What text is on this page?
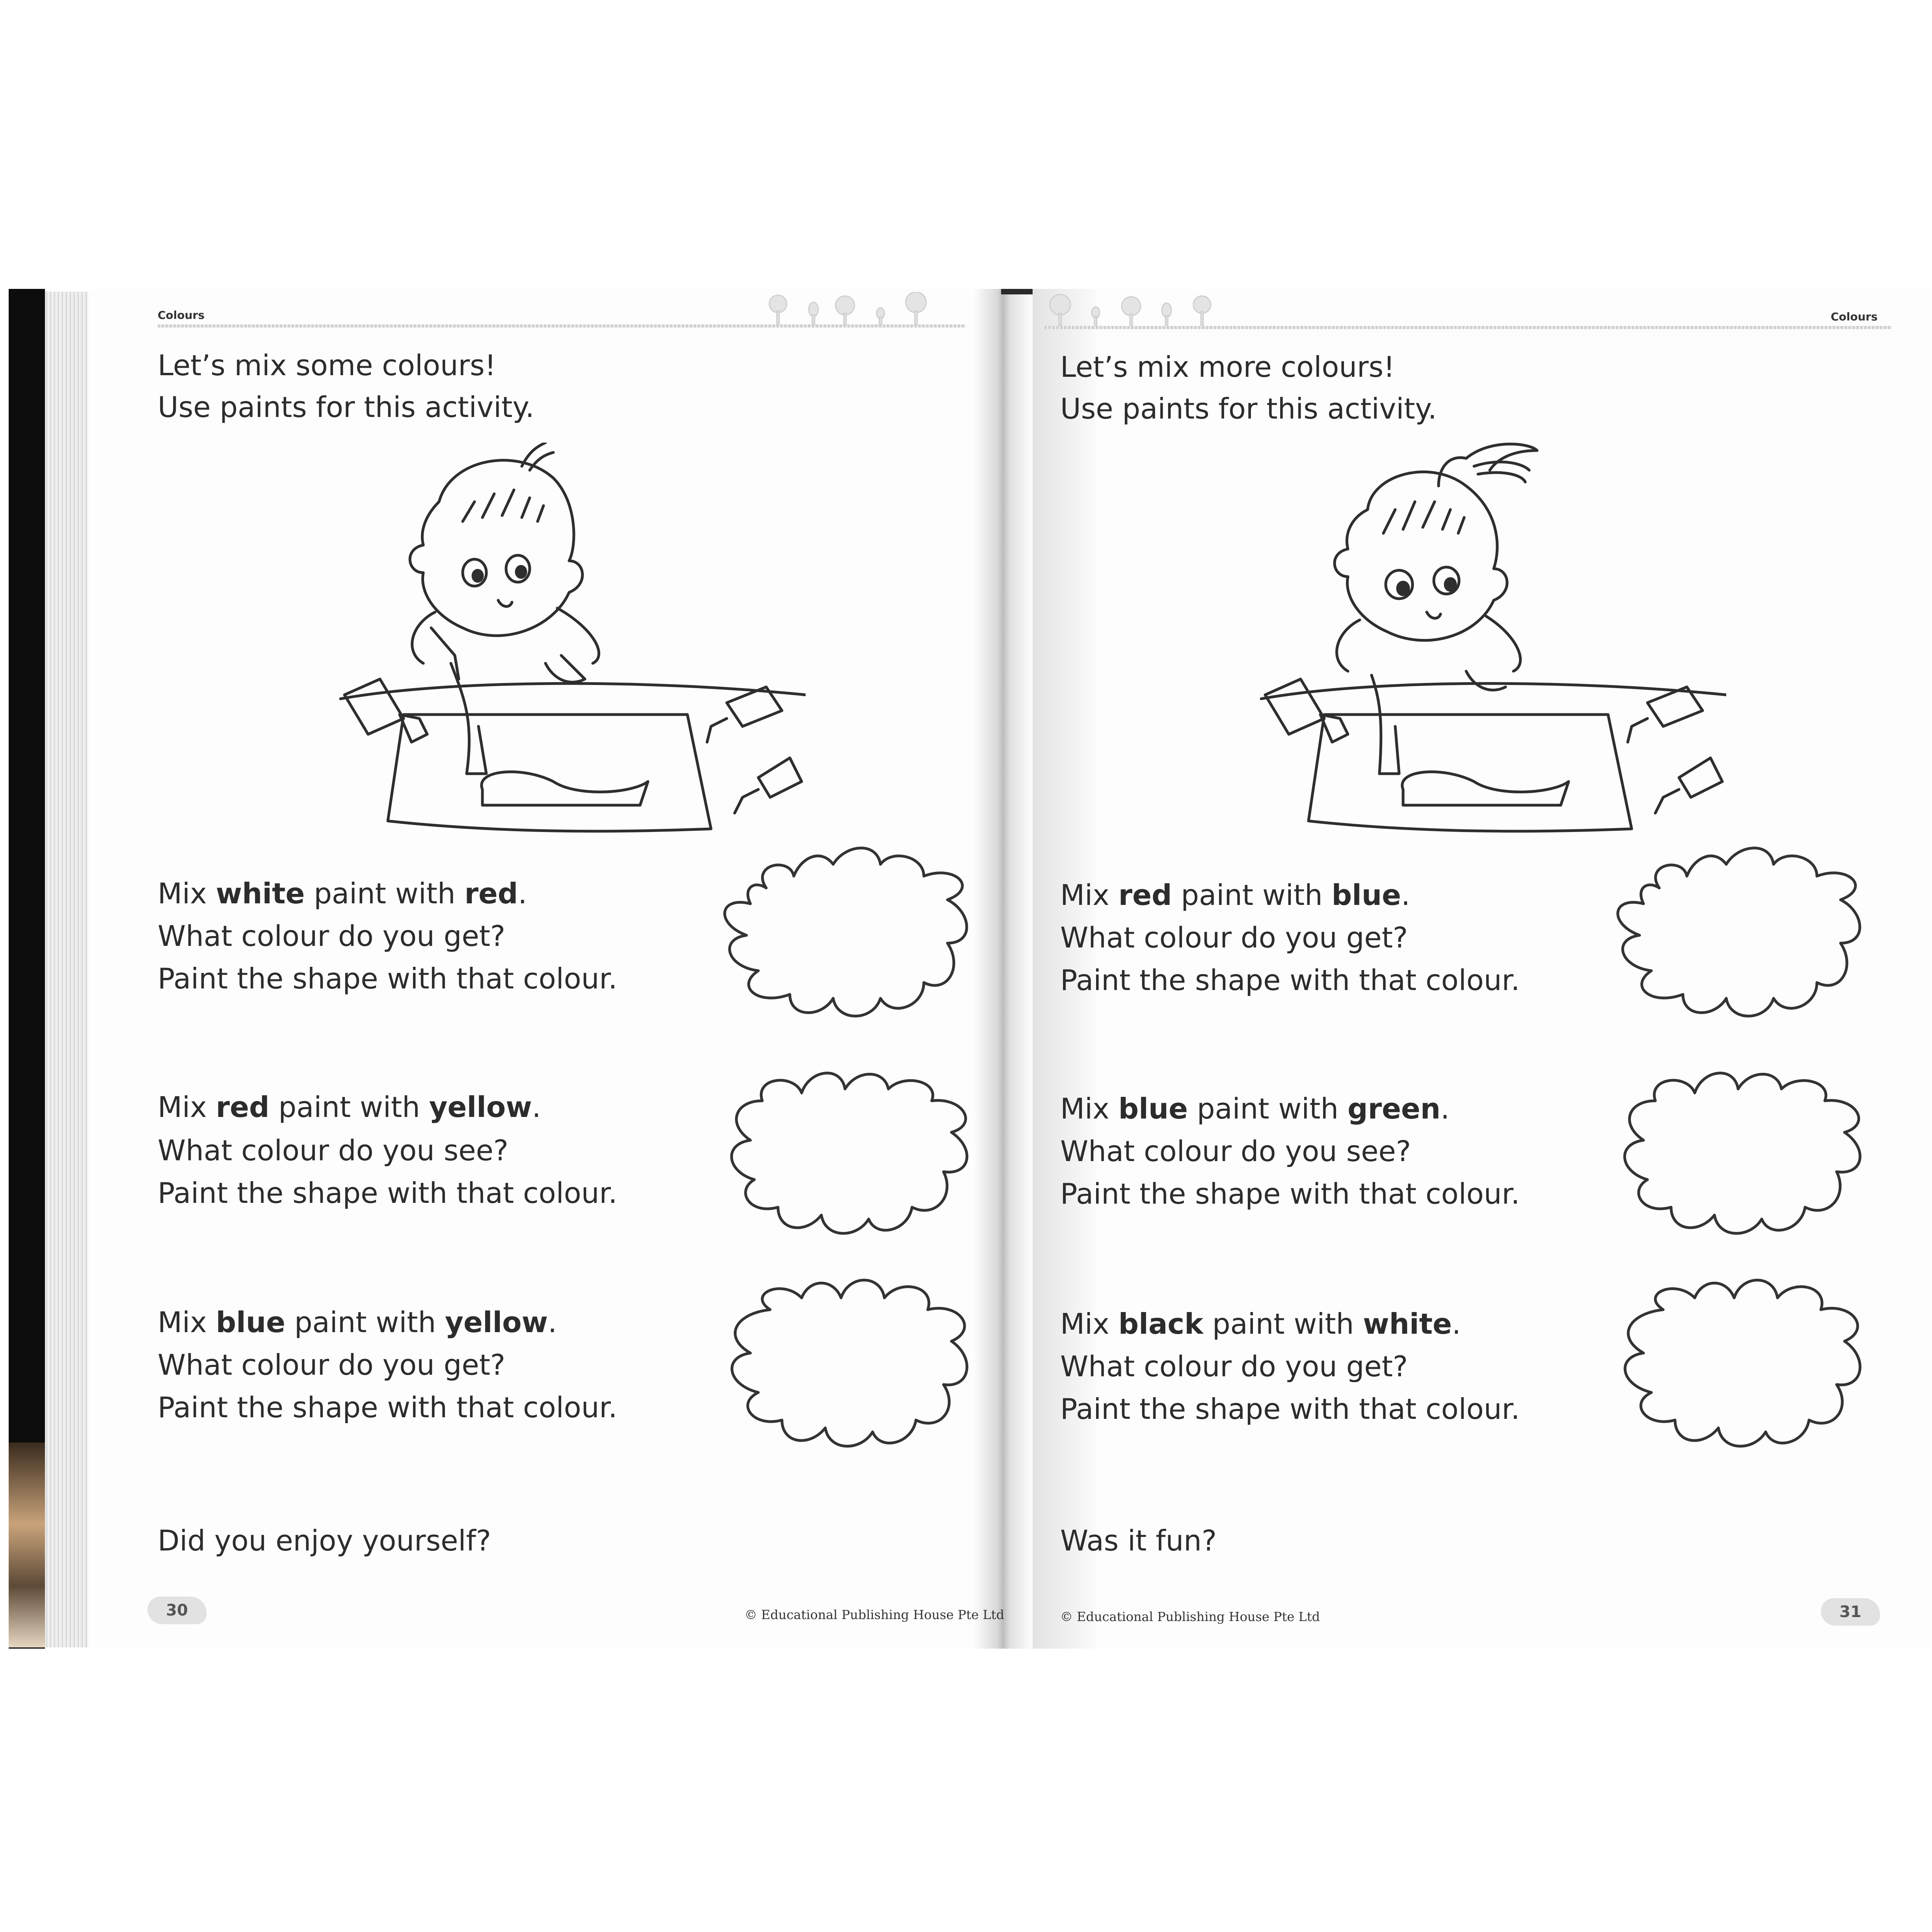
Colours
Let’s mix some colours!
Use paints for this activity.
Mix white paint with red.
What colour do you get?
Paint the shape with that colour.
Mix red paint with yellow.
What colour do you see?
Paint the shape with that colour.
Mix blue paint with yellow.
What colour do you get?
Paint the shape with that colour.
Did you enjoy yourself?
30	© Educational Publishing House Pte Ltd
Colours
Let’s mix more colours!
Use paints for this activity.
Mix red paint with blue.
What colour do you get?
Paint the shape with that colour.
Mix blue paint with green.
What colour do you see?
Paint the shape with that colour.
Mix black paint with white.
What colour do you get?
Paint the shape with that colour.
Was it fun?
© Educational Publishing House Pte Ltd	31
